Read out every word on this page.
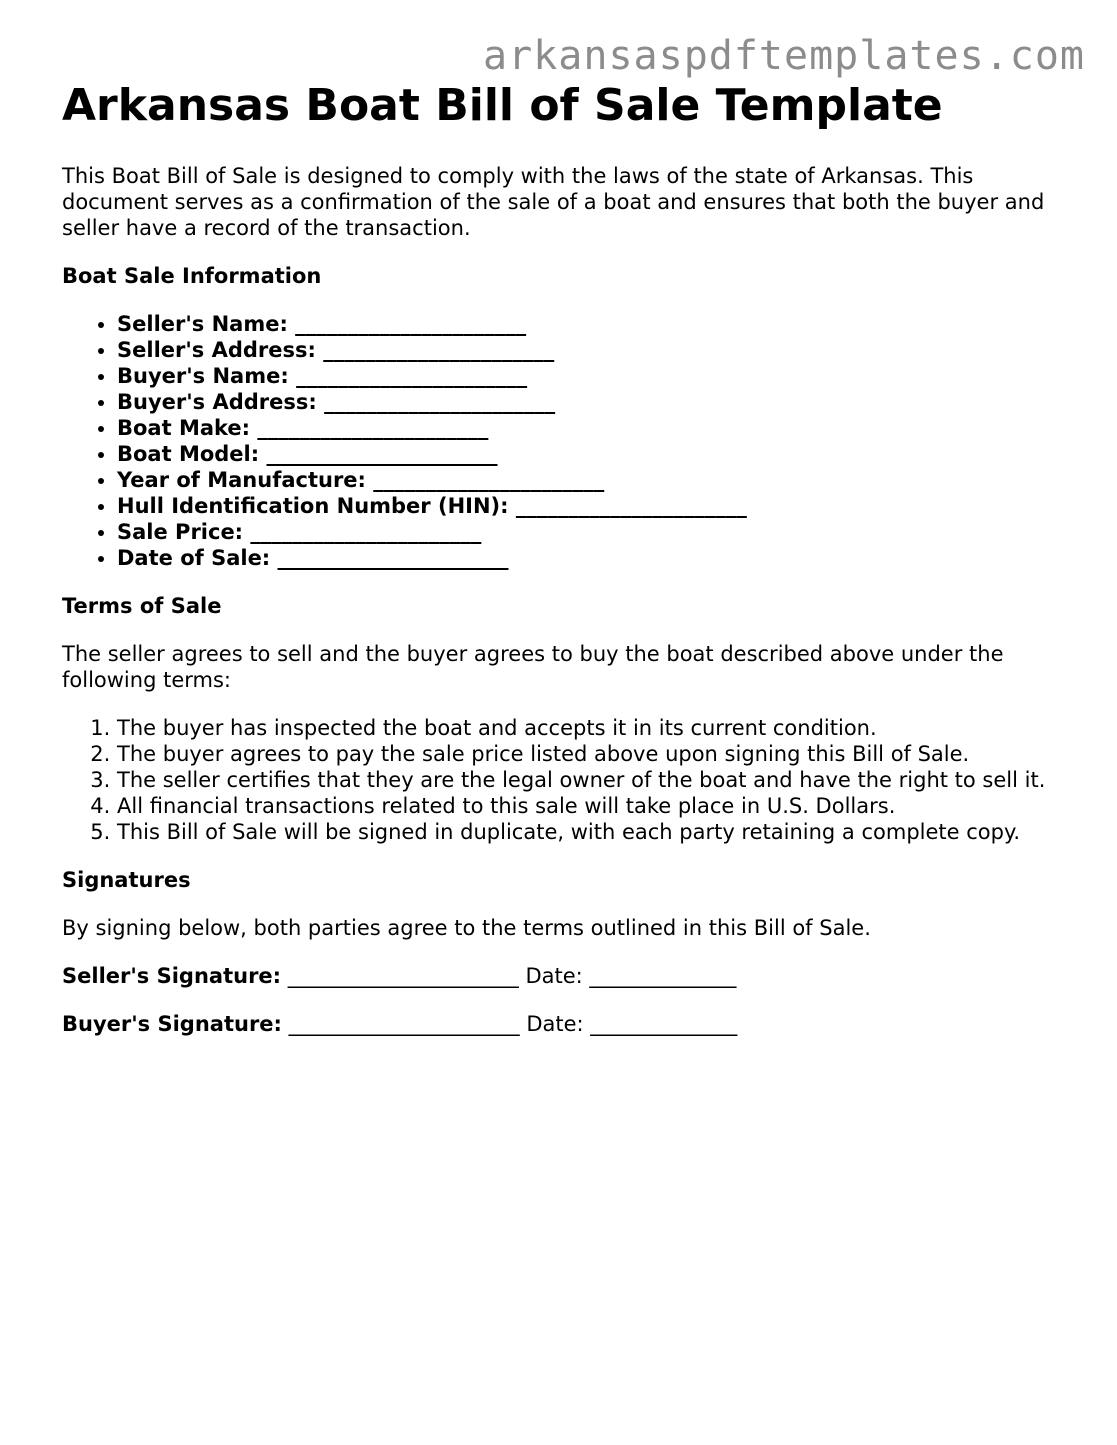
arkansaspdftemplates.com
Arkansas Boat Bill of Sale Template

This Boat Bill of Sale is designed to comply with the laws of the state of Arkansas. This document serves as a confirmation of the sale of a boat and ensures that both the buyer and seller have a record of the transaction.

Boat Sale Information
• Seller's Name: ______________________
• Seller's Address: ______________________
• Buyer's Name: ______________________
• Buyer's Address: ______________________
• Boat Make: ______________________
• Boat Model: ______________________
• Year of Manufacture: ______________________
• Hull Identification Number (HIN): ______________________
• Sale Price: ______________________
• Date of Sale: ______________________
Terms of Sale

The seller agrees to sell and the buyer agrees to buy the boat described above under the following terms:

1. The buyer has inspected the boat and accepts it in its current condition.
2. The buyer agrees to pay the sale price listed above upon signing this Bill of Sale.
3. The seller certifies that they are the legal owner of the boat and have the right to sell it.
4. All financial transactions related to this sale will take place in U.S. Dollars.
5. This Bill of Sale will be signed in duplicate, with each party retaining a complete copy.
Signatures

By signing below, both parties agree to the terms outlined in this Bill of Sale.

Seller's Signature: ______________________ Date: ______________
Buyer's Signature: ______________________ Date: ______________
